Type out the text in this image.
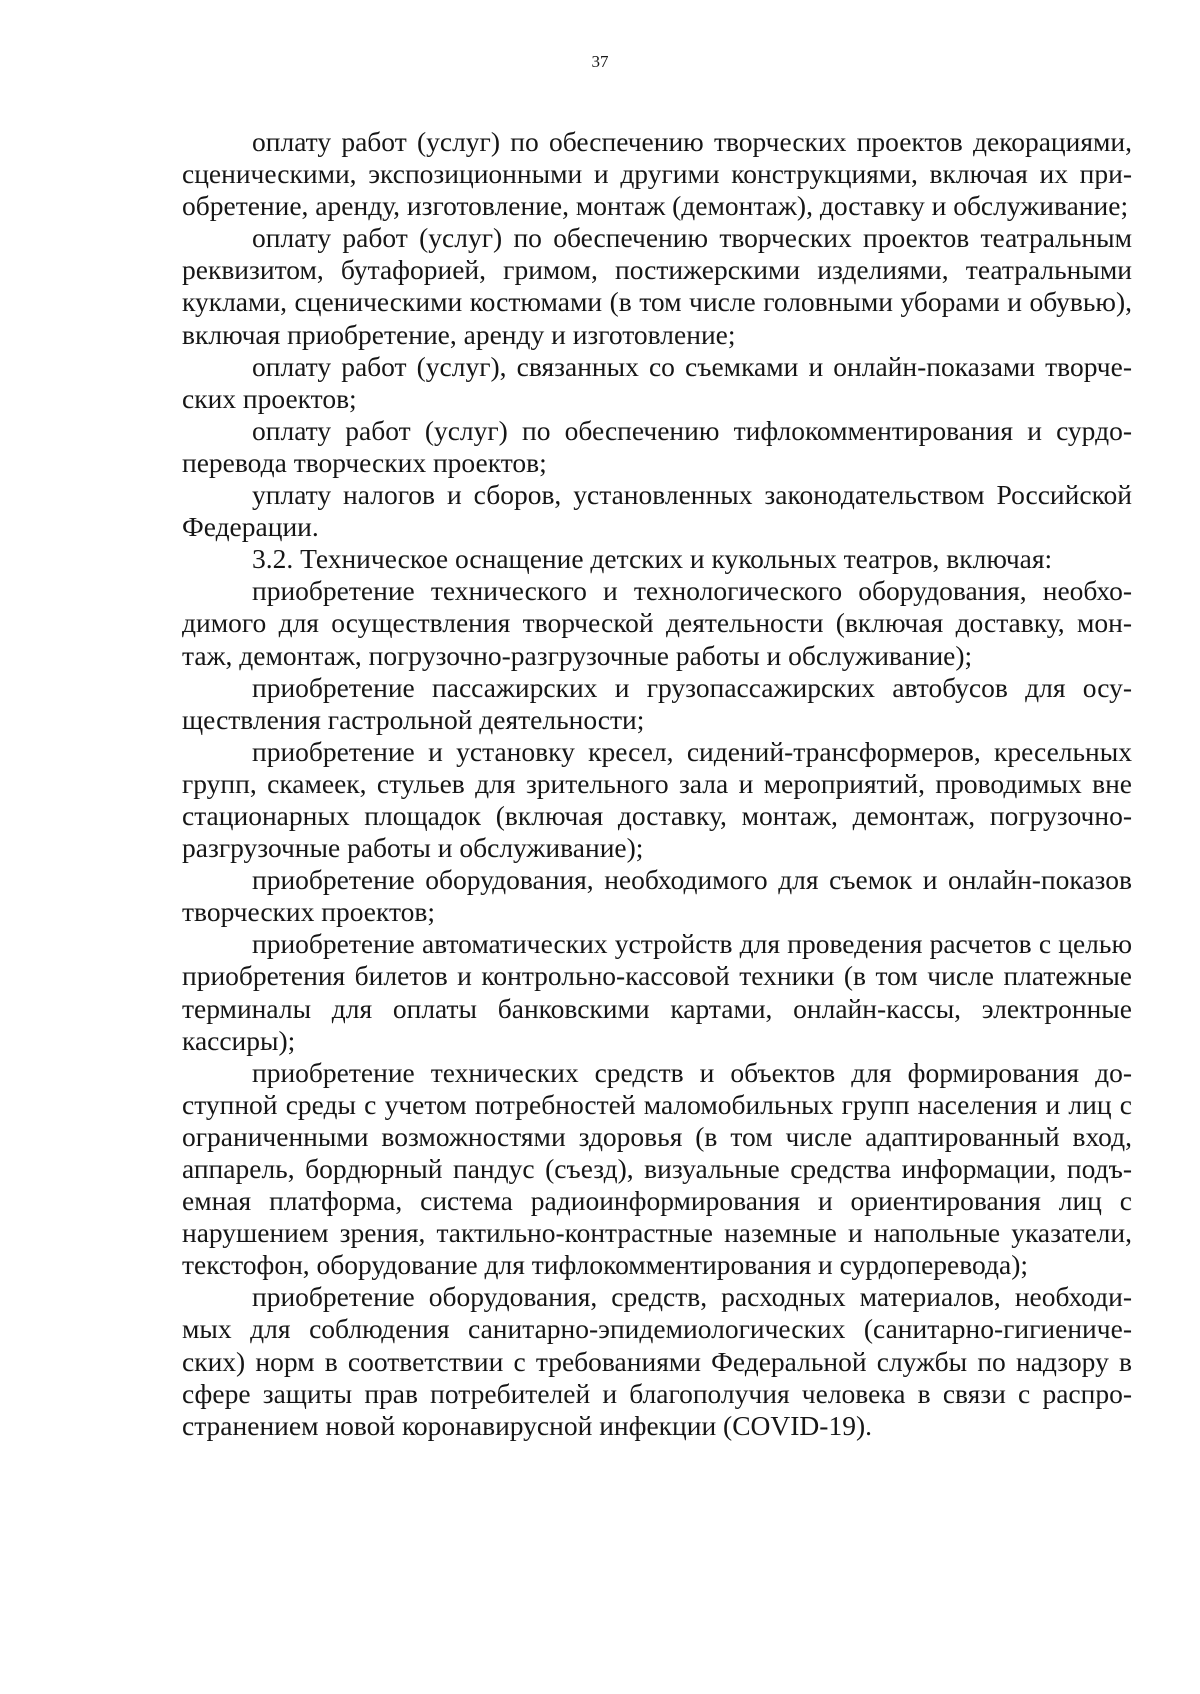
37

оплату работ (услуг) по обеспечению творческих проектов декорациями, сценическими, экспозиционными и другими конструкциями, включая их приобретение, аренду, изготовление, монтаж (демонтаж), доставку и обслуживание;

оплату работ (услуг) по обеспечению творческих проектов театральным реквизитом, бутафорией, гримом, постижерскими изделиями, театральными куклами, сценическими костюмами (в том числе головными уборами и обувью), включая приобретение, аренду и изготовление;

оплату работ (услуг), связанных со съемками и онлайн-показами творческих проектов;

оплату работ (услуг) по обеспечению тифлокомментирования и сурдоперевода творческих проектов;

уплату налогов и сборов, установленных законодательством Российской Федерации.

3.2. Техническое оснащение детских и кукольных театров, включая:

приобретение технического и технологического оборудования, необходимого для осуществления творческой деятельности (включая доставку, монтаж, демонтаж, погрузочно-разгрузочные работы и обслуживание);

приобретение пассажирских и грузопассажирских автобусов для осуществления гастрольной деятельности;

приобретение и установку кресел, сидений-трансформеров, кресельных групп, скамеек, стульев для зрительного зала и мероприятий, проводимых вне стационарных площадок (включая доставку, монтаж, демонтаж, погрузочно-разгрузочные работы и обслуживание);

приобретение оборудования, необходимого для съемок и онлайн-показов творческих проектов;

приобретение автоматических устройств для проведения расчетов с целью приобретения билетов и контрольно-кассовой техники (в том числе платежные терминалы для оплаты банковскими картами, онлайн-кассы, электронные кассиры);

приобретение технических средств и объектов для формирования доступной среды с учетом потребностей маломобильных групп населения и лиц с ограниченными возможностями здоровья (в том числе адаптированный вход, аппарель, бордюрный пандус (съезд), визуальные средства информации, подъемная платформа, система радиоинформирования и ориентирования лиц с нарушением зрения, тактильно-контрастные наземные и напольные указатели, текстофон, оборудование для тифлокомментирования и сурдоперевода);

приобретение оборудования, средств, расходных материалов, необходимых для соблюдения санитарно-эпидемиологических (санитарно-гигиенических) норм в соответствии с требованиями Федеральной службы по надзору в сфере защиты прав потребителей и благополучия человека в связи с распространением новой коронавирусной инфекции (COVID-19).
